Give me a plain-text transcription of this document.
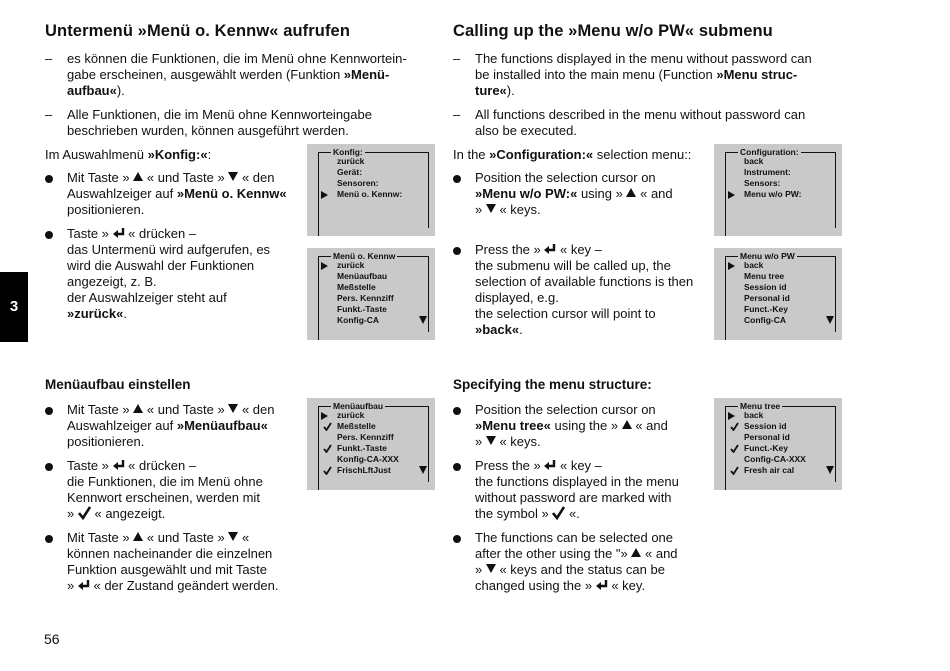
Untermenü »Menü o. Kennw« aufrufen
–	es können die Funktionen, die im Menü ohne Kennwortein-
gabe erscheinen, ausgewählt werden (Funktion »Menü-
aufbau«).
–	Alle Funktionen, die im Menü ohne Kennworteingabe
beschrieben wurden, können ausgeführt werden.
Im Auswahlmenü »Konfig:«:
Mit Taste » « und Taste » « den
Auswahlzeiger auf »Menü o. Kennw«
positionieren.
Taste » « drücken –
das Untermenü wird aufgerufen, es
wird die Auswahl der Funktionen
angezeigt, z. B.
der Auswahlzeiger steht auf
»zurück«.
Menüaufbau einstellen
Mit Taste » « und Taste » « den
Auswahlzeiger auf »Menüaufbau«
positionieren.
Taste » « drücken –
die Funktionen, die im Menü ohne
Kennwort erscheinen, werden mit
» « angezeigt.
Mit Taste » « und Taste » «
können nacheinander die einzelnen
Funktion ausgewählt und mit Taste
» « der Zustand geändert werden.
Calling up the »Menu w/o PW« submenu
–	The functions displayed in the menu without password can
be installed into the main menu (Function »Menu struc-
ture«).
–	All functions described in the menu without password can
also be executed.
In the »Configuration:« selection menu::
Position the selection cursor on
»Menu w/o PW:« using »  « and
»  « keys.
Press the »  « key –
the submenu will be called up, the
selection of available functions is then
displayed, e.g.
the selection cursor will point to
»back«.
Specifying the menu structure:
Position the selection cursor on
»Menu tree« using the »  « and
»  « keys.
Press the »  « key –
the functions displayed in the menu
without password are marked with
the symbol »  «.
The functions can be selected one
after the other using the "»  « and
»  « keys and the status can be
changed using the »  « key.
Konfig:
zurück
Gerät:
Sensoren:
Menü o. Kennw:
Menü o. Kennw
zurück
Menüaufbau
Meßstelle
Pers. Kennziff
Funkt.-Taste
Konfig-CA
Menüaufbau
zurück
Meßstelle
Pers. Kennziff
Funkt.-Taste
Konfig-CA-XXX
FrischLftJust
Configuration:
back
Instrument:
Sensors:
Menu w/o PW:
Menu w/o PW
back
Menu tree
Session id
Personal id
Funct.-Key
Config-CA
Menu tree
back
Session id
Personal id
Funct.-Key
Config-CA-XXX
Fresh air cal
3
56
